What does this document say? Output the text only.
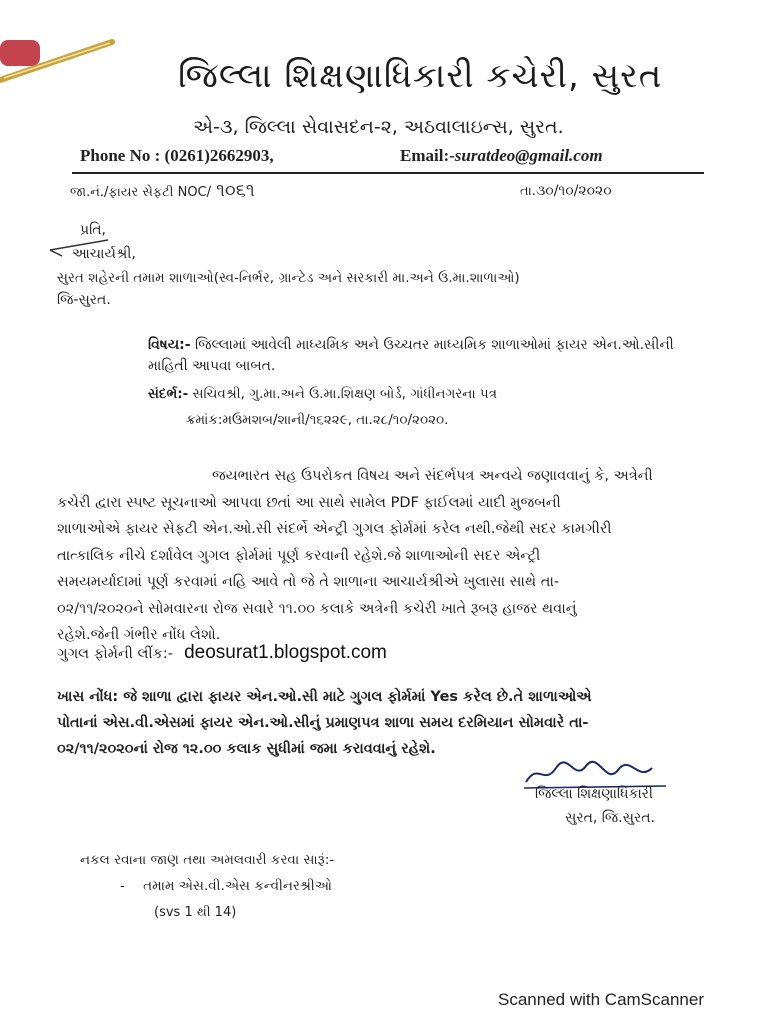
જિલ્લા શિક્ષણાધિકારી કચેરી, સુરત
એ-૩, જિલ્લા સેવાસદન-૨, અઠવાલાઇન્સ, સુરત.
Phone No : (0261)2662903,	Email:-suratdeo@gmail.com
જા.નં./ફાયર સેફટી NOC/ ૧૦૬૧	તા.૩૦/૧૦/૨૦૨૦
પ્રતિ,
આચાર્યશ્રી,
સુરત શહેરની તમામ શાળાઓ(સ્વ-નિર્ભર, ગ્રાન્ટેડ અને સરકારી મા.અને ઉ.મા.શાળાઓ)
જિ-સુરત.
વિષય:- જિલ્લામાં આવેલી માધ્યમિક અને ઉચ્ચતર માધ્યમિક શાળાઓમાં ફાયર એન.ઓ.સીની
માહિતી આપવા બાબત.
સંદર્ભ:- સચિવશ્રી, ગુ.મા.અને ઉ.મા.શિક્ષણ બોર્ડ, ગાંધીનગરના પત્ર
ક્રમાંક:મઉમશબ/શાની/૧૬૨૨૯, તા.૨૮/૧૦/૨૦૨૦.
જયભારત સહ ઉપરોકત વિષય અને સંદર્ભપત્ર અન્વયે જણાવવાનું કે, અત્રેની
કચેરી દ્વારા સ્પષ્ટ સૂચનાઓ આપવા છતાં આ સાથે સામેલ PDF ફાઈલમાં યાદી મુજબની
શાળાઓએ ફાયર સેફટી એન.ઓ.સી સંદર્ભે એન્ટ્રી ગુગલ ફોર્મમાં કરેલ નથી.જેથી સદર કામગીરી
તાત્કાલિક નીચે દર્શાવેલ ગુગલ ફોર્મમાં પૂર્ણ કરવાની રહેશે.જે શાળાઓની સદર એન્ટ્રી
સમયમર્યાદામાં પૂર્ણ કરવામાં નહિ આવે તો જે તે શાળાના આચાર્યશ્રીએ ખુલાસા સાથે તા-
૦૨/૧૧/૨૦૨૦ને સોમવારના રોજ સવારે ૧૧.૦૦ કલાકે અત્રેની કચેરી ખાતે રૂબરૂ હાજર થવાનું
રહેશે.જેની ગંભીર નોંધ લેશો.
ગુગલ ફોર્મની લીંક:- deosurat1.blogspot.com
ખાસ નોંધ: જે શાળા દ્વારા ફાયર એન.ઓ.સી માટે ગુગલ ફોર્મમાં Yes કરેલ છે.તે શાળાઓએ
પોતાનાં એસ.વી.એસમાં ફાયર એન.ઓ.સીનું પ્રમાણપત્ર શાળા સમય દરમિયાન સોમવારે તા-
૦૨/૧૧/૨૦૨૦નાં રોજ ૧૨.૦૦ કલાક સુધીમાં જમા કરાવવાનું રહેશે.
જિલ્લા શિક્ષણાધિકારી
સુરત, જિ.સુરત.
નકલ રવાના જાણ તથા અમલવારી કરવા સારૂં:-
- તમામ એસ.વી.એસ કન્વીનરશ્રીઓ
(svs 1 થી 14)
Scanned with CamScanner
